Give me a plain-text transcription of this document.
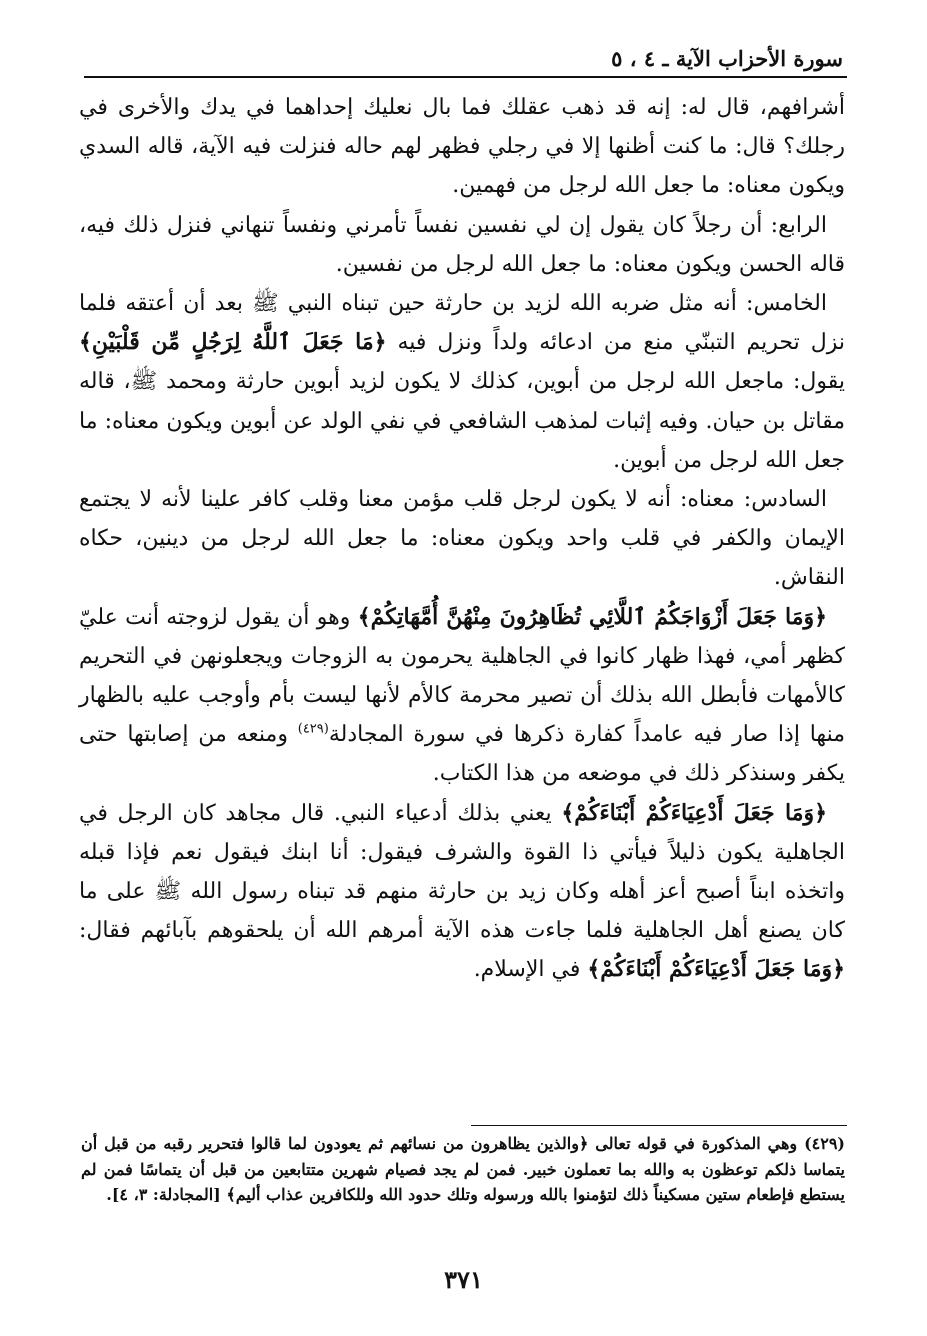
سورة الأحزاب الآية ـ ٤ ، ٥

أشرافهم، قال له: إنه قد ذهب عقلك فما بال نعليك إحداهما في يدك والأخرى في رجلك؟ قال: ما كنت أظنها إلا في رجلي فظهر لهم حاله فنزلت فيه الآية، قاله السدي ويكون معناه: ما جعل الله لرجل من فهمين.

الرابع: أن رجلاً كان يقول إن لي نفسين نفساً تأمرني ونفساً تنهاني فنزل ذلك فيه، قاله الحسن ويكون معناه: ما جعل الله لرجل من نفسين.

الخامس: أنه مثل ضربه الله لزيد بن حارثة حين تبناه النبي ﷺ بعد أن أعتقه فلما نزل تحريم التبنّي منع من ادعائه ولداً ونزل فيه ﴿مَا جَعَلَ ٱللَّهُ لِرَجُلٍ مِّن قَلْبَيْنِ﴾ يقول: ماجعل الله لرجل من أبوين، كذلك لا يكون لزيد أبوين حارثة ومحمد ﷺ، قاله مقاتل بن حيان. وفيه إثبات لمذهب الشافعي في نفي الولد عن أبوين ويكون معناه: ما جعل الله لرجل من أبوين.

السادس: معناه: أنه لا يكون لرجل قلب مؤمن معنا وقلب كافر علينا لأنه لا يجتمع الإيمان والكفر في قلب واحد ويكون معناه: ما جعل الله لرجل من دينين، حكاه النقاش.

﴿وَمَا جَعَلَ أَزْوَاجَكُمُ ٱللَّائِي تُظَاهِرُونَ مِنْهُنَّ أُمَّهَاتِكُمْ﴾ وهو أن يقول لزوجته أنت عليّ كظهر أمي، فهذا ظهار كانوا في الجاهلية يحرمون به الزوجات ويجعلونهن في التحريم كالأمهات فأبطل الله بذلك أن تصير محرمة كالأم لأنها ليست بأم وأوجب عليه بالظهار منها إذا صار فيه عامداً كفارة ذكرها في سورة المجادلة$^{(٤٢٩)}$ ومنعه من إصابتها حتى يكفر وسنذكر ذلك في موضعه من هذا الكتاب.

﴿وَمَا جَعَلَ أَدْعِيَاءَكُمْ أَبْنَاءَكُمْ﴾ يعني بذلك أدعياء النبي. قال مجاهد كان الرجل في الجاهلية يكون ذليلاً فيأتي ذا القوة والشرف فيقول: أنا ابنك فيقول نعم فإذا قبله واتخذه ابناً أصبح أعز أهله وكان زيد بن حارثة منهم قد تبناه رسول الله ﷺ على ما كان يصنع أهل الجاهلية فلما جاءت هذه الآية أمرهم الله أن يلحقوهم بآبائهم فقال: ﴿وَمَا جَعَلَ أَدْعِيَاءَكُمْ أَبْنَاءَكُمْ﴾ في الإسلام.

(٤٢٩) وهي المذكورة في قوله تعالى ﴿والذين يظاهرون من نسائهم ثم يعودون لما قالوا فتحرير رقبه من قبل أن يتماسا ذلكم توعظون به والله بما تعملون خبير. فمن لم يجد فصيام شهرين متتابعين من قبل أن يتماسًا فمن لم يستطع فإطعام ستين مسكيناً ذلك لتؤمنوا بالله ورسوله وتلك حدود الله وللكافرين عذاب أليم﴾ [المجادلة: ٣، ٤].
٣٧١
